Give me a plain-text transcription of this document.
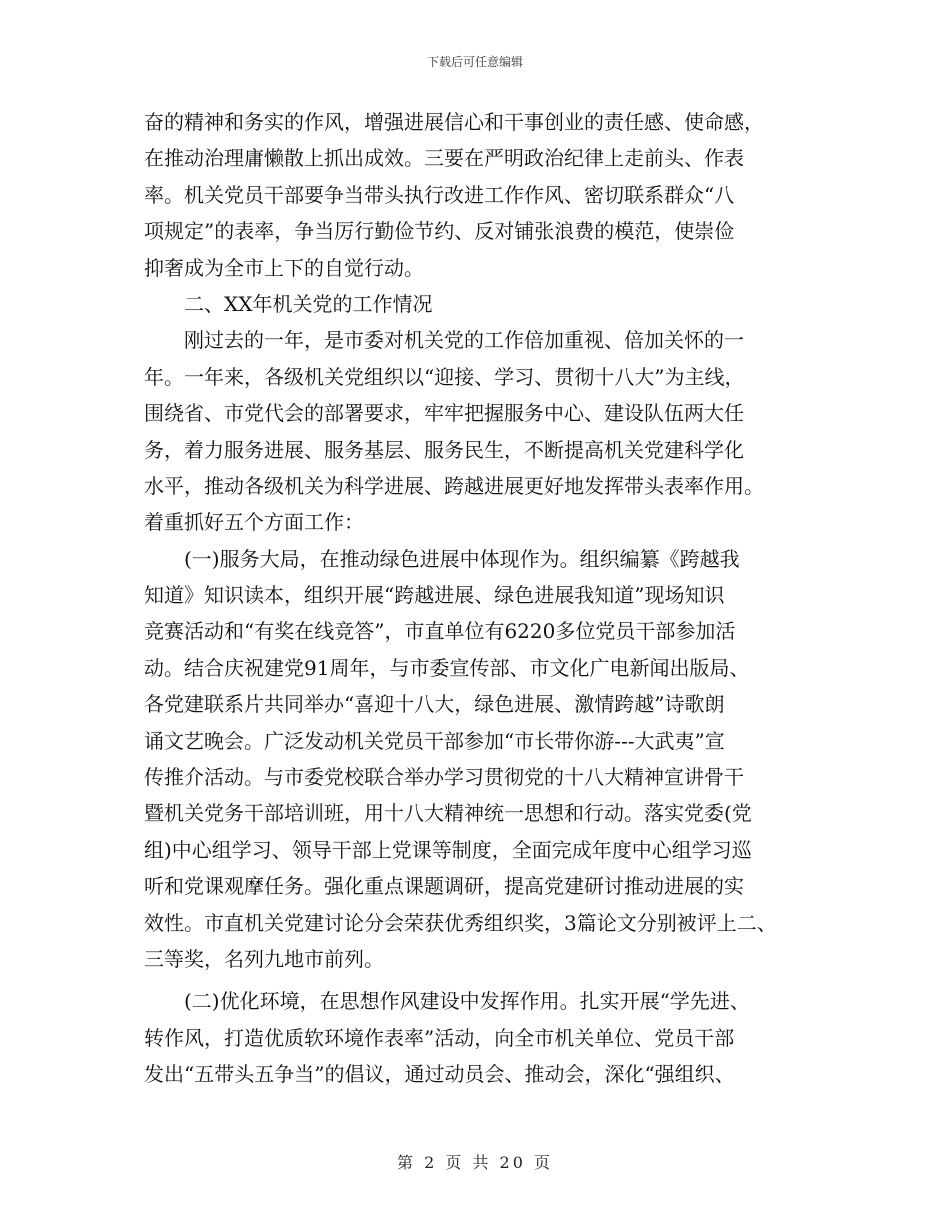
下载后可任意编辑
奋的精神和务实的作风，增强进展信心和干事创业的责任感、使命感，
在推动治理庸懒散上抓出成效。三要在严明政治纪律上走前头、作表
率。机关党员干部要争当带头执行改进工作作风、密切联系群众“八
项规定”的表率，争当厉行勤俭节约、反对铺张浪费的模范，使崇俭
抑奢成为全市上下的自觉行动。
　　二、XX年机关党的工作情况
　　刚过去的一年，是市委对机关党的工作倍加重视、倍加关怀的一
年。一年来，各级机关党组织以“迎接、学习、贯彻十八大”为主线，
围绕省、市党代会的部署要求，牢牢把握服务中心、建设队伍两大任
务，着力服务进展、服务基层、服务民生，不断提高机关党建科学化
水平，推动各级机关为科学进展、跨越进展更好地发挥带头表率作用。
着重抓好五个方面工作：
　　(一)服务大局，在推动绿色进展中体现作为。组织编纂《跨越我
知道》知识读本，组织开展“跨越进展、绿色进展我知道”现场知识
竞赛活动和“有奖在线竞答”，市直单位有6220多位党员干部参加活
动。结合庆祝建党91周年，与市委宣传部、市文化广电新闻出版局、
各党建联系片共同举办“喜迎十八大，绿色进展、激情跨越”诗歌朗
诵文艺晚会。广泛发动机关党员干部参加“市长带你游---大武夷”宣
传推介活动。与市委党校联合举办学习贯彻党的十八大精神宣讲骨干
暨机关党务干部培训班，用十八大精神统一思想和行动。落实党委(党
组)中心组学习、领导干部上党课等制度，全面完成年度中心组学习巡
听和党课观摩任务。强化重点课题调研，提高党建研讨推动进展的实
效性。市直机关党建讨论分会荣获优秀组织奖，3篇论文分别被评上二、
三等奖，名列九地市前列。
　　(二)优化环境，在思想作风建设中发挥作用。扎实开展“学先进、
转作风，打造优质软环境作表率”活动，向全市机关单位、党员干部
发出“五带头五争当”的倡议，通过动员会、推动会，深化“强组织、
第 2 页 共 20 页
